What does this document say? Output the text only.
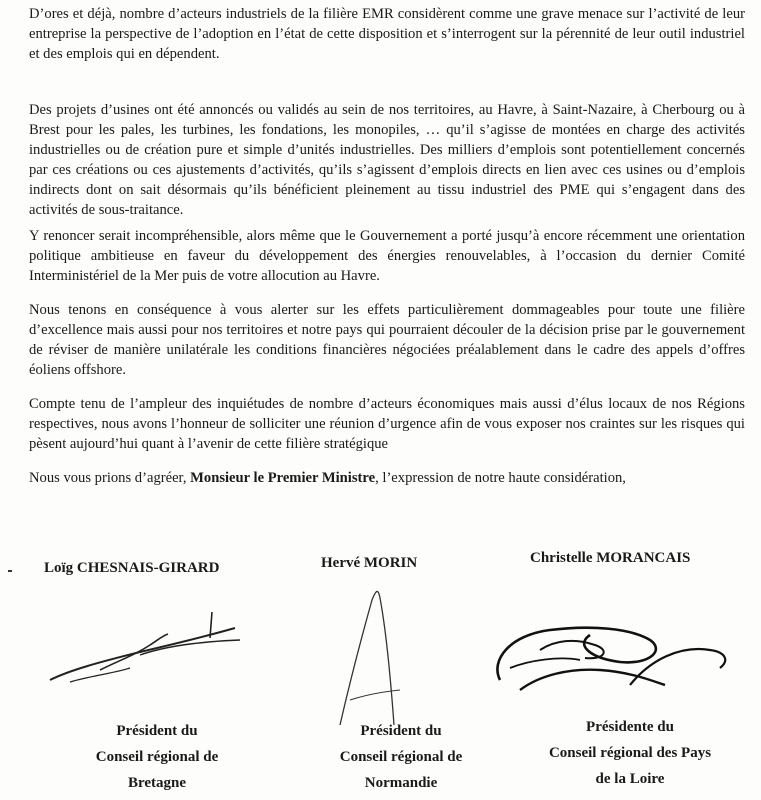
D’ores et déjà, nombre d’acteurs industriels de la filière EMR considèrent comme une grave menace sur l’activité de leur entreprise la perspective de l’adoption en l’état de cette disposition et s’interrogent sur la pérennité de leur outil industriel et des emplois qui en dépendent.

Des projets d’usines ont été annoncés ou validés au sein de nos territoires, au Havre, à Saint-Nazaire, à Cherbourg ou à Brest pour les pales, les turbines, les fondations, les monopiles, … qu’il s’agisse de montées en charge des activités industrielles ou de création pure et simple d’unités industrielles. Des milliers d’emplois sont potentiellement concernés par ces créations ou ces ajustements d’activités, qu’ils s’agissent d’emplois directs en lien avec ces usines ou d’emplois indirects dont on sait désormais qu’ils bénéficient pleinement au tissu industriel des PME qui s’engagent dans des activités de sous-traitance.

Y renoncer serait incompréhensible, alors même que le Gouvernement a porté jusqu’à encore récemment une orientation politique ambitieuse en faveur du développement des énergies renouvelables, à l’occasion du dernier Comité Interministériel de la Mer puis de votre allocution au Havre.

Nous tenons en conséquence à vous alerter sur les effets particulièrement dommageables pour toute une filière d’excellence mais aussi pour nos territoires et notre pays qui pourraient découler de la décision prise par le gouvernement de réviser de manière unilatérale les conditions financières négociées préalablement dans le cadre des appels d’offres éoliens offshore.

Compte tenu de l’ampleur des inquiétudes de nombre d’acteurs économiques mais aussi d’élus locaux de nos Régions respectives, nous avons l’honneur de solliciter une réunion d’urgence afin de vous exposer nos craintes sur les risques qui pèsent aujourd’hui quant à l’avenir de cette filière stratégique

Nous vous prions d’agréer, Monsieur le Premier Ministre, l’expression de notre haute considération,

Loïg CHESNAIS-GIRARD
Président du
Conseil régional de
Bretagne
Hervé MORIN
Président du
Conseil régional de
Normandie
Christelle MORANCAIS
Présidente du
Conseil régional des Pays
de la Loire
